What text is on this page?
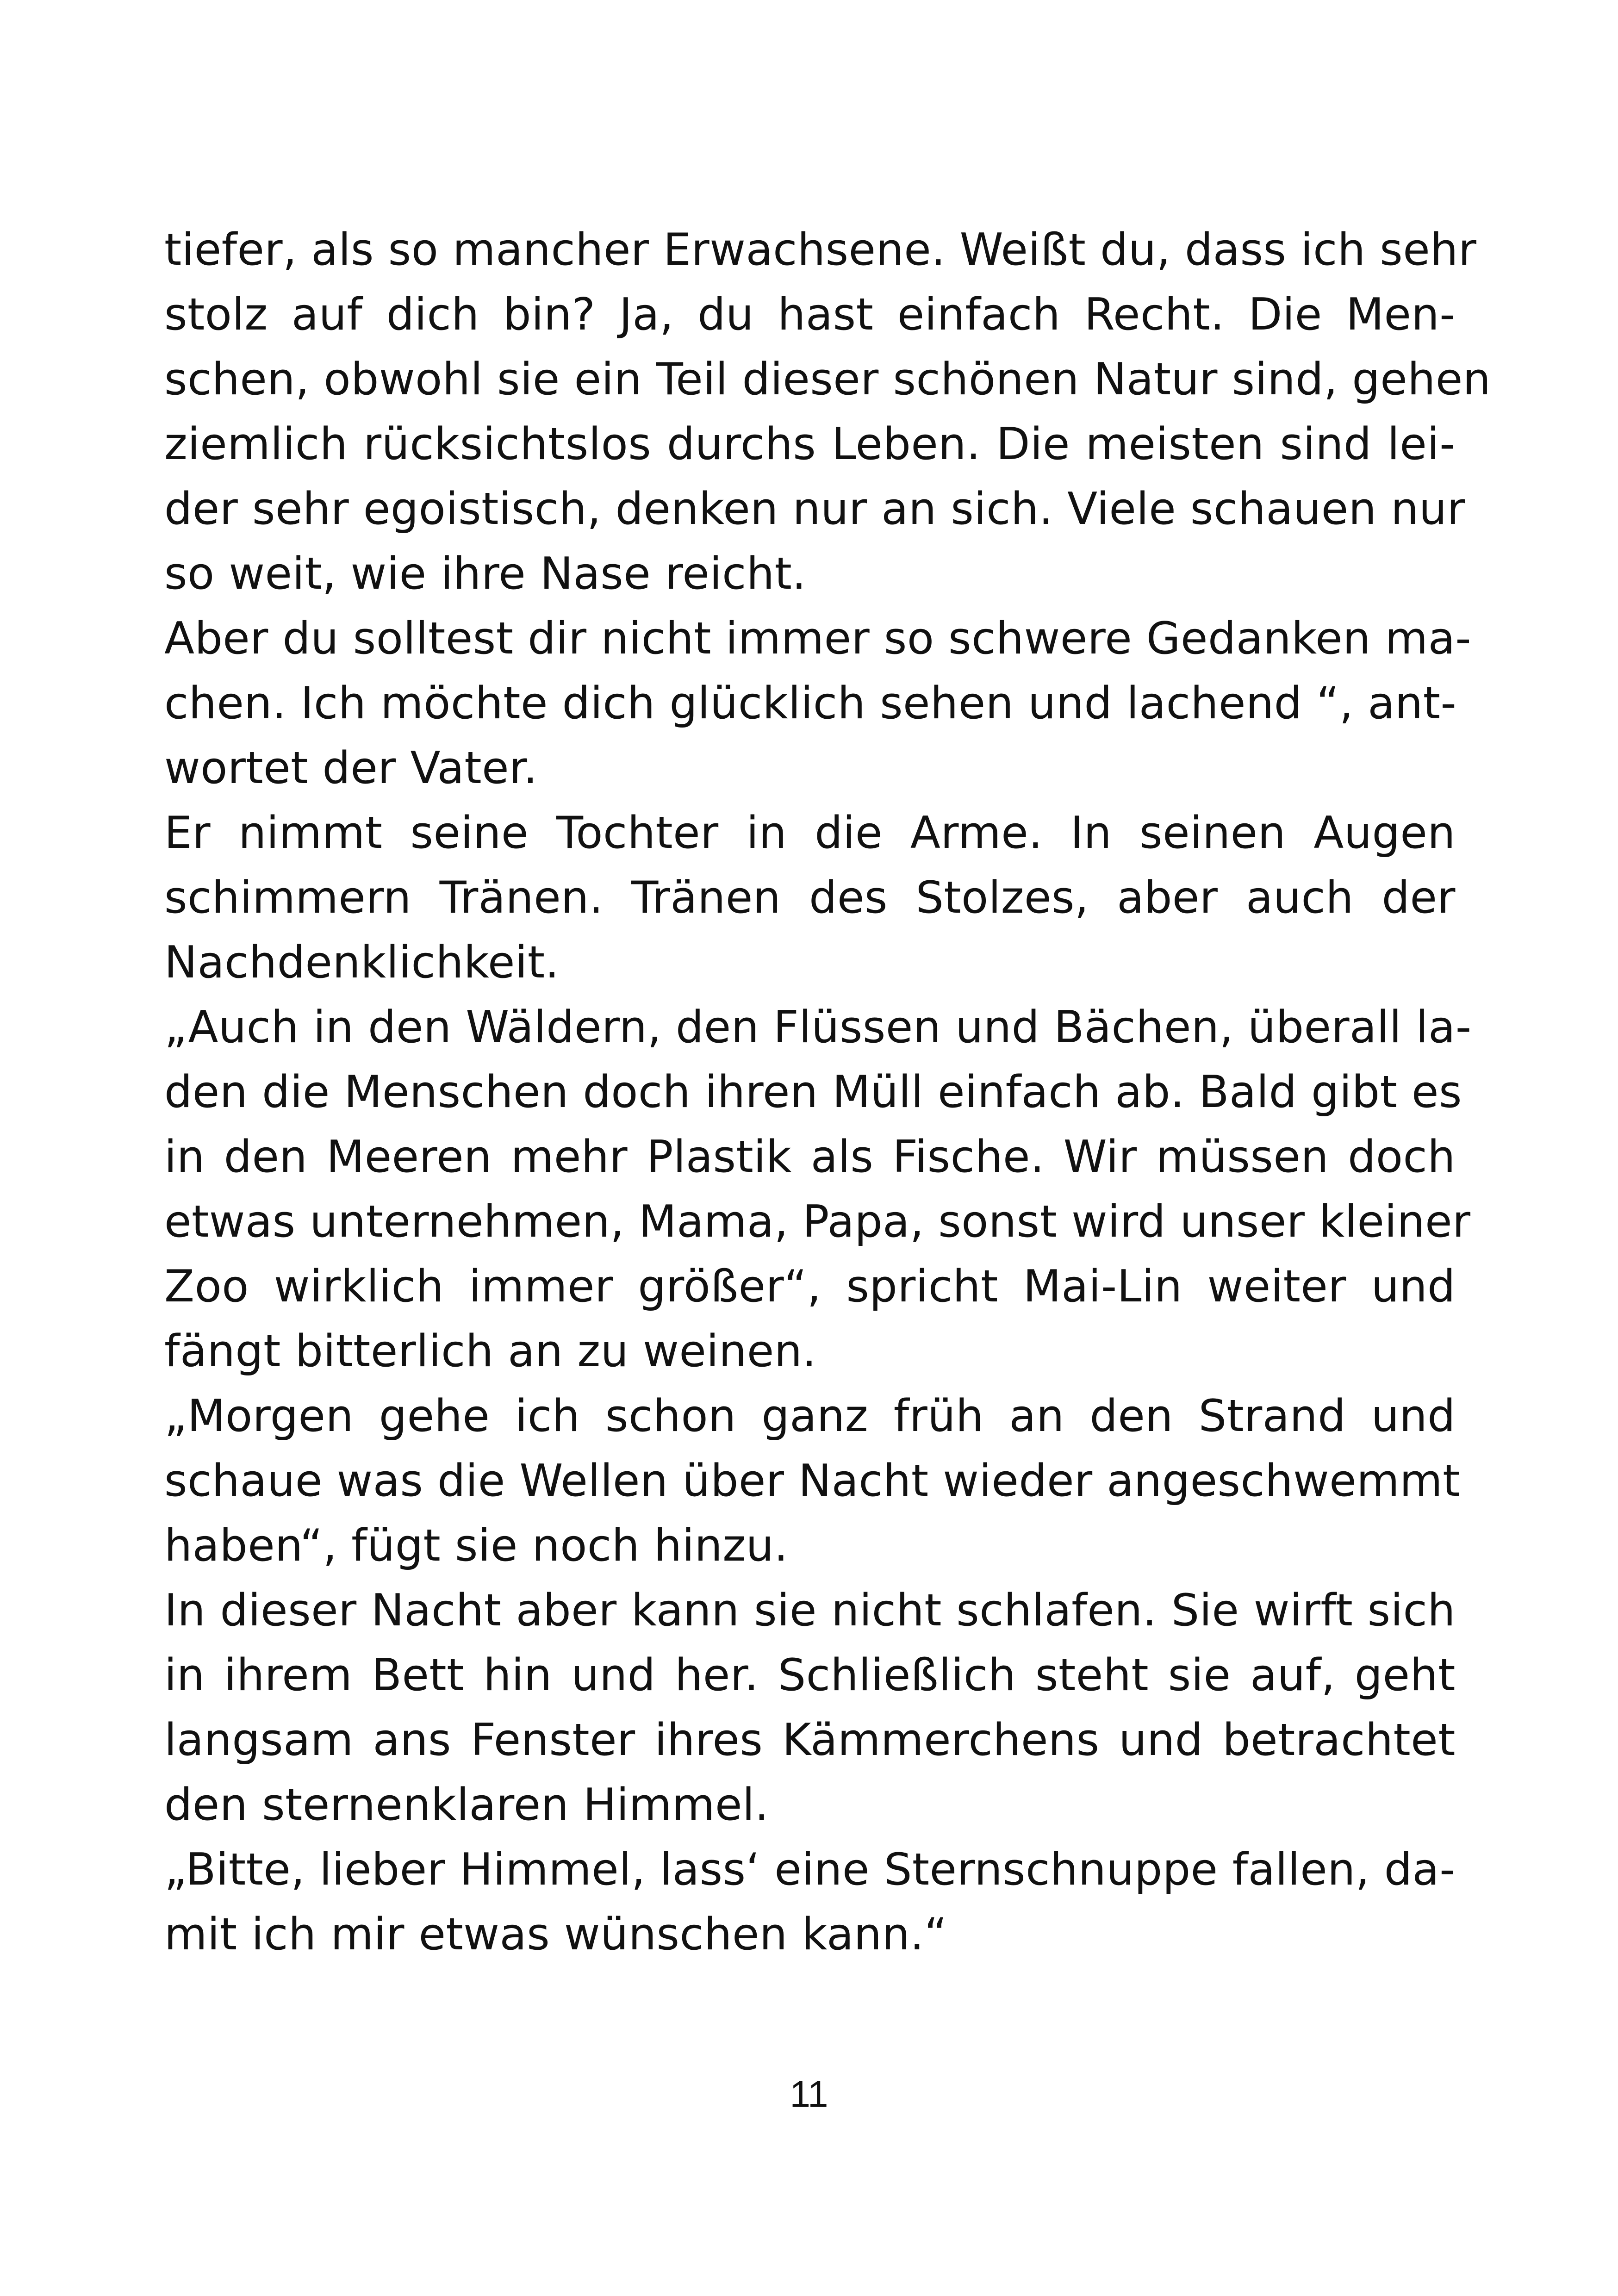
tiefer, als so mancher Erwachsene. Weißt du, dass ich sehr
stolz auf dich bin? Ja, du hast einfach Recht. Die Men-
schen, obwohl sie ein Teil dieser schönen Natur sind, gehen
ziemlich rücksichtslos durchs Leben. Die meisten sind lei-
der sehr egoistisch, denken nur an sich. Viele schauen nur
so weit, wie ihre Nase reicht.
Aber du solltest dir nicht immer so schwere Gedanken ma-
chen. Ich möchte dich glücklich sehen und lachend “, ant-
wortet der Vater.
Er nimmt seine Tochter in die Arme. In seinen Augen
schimmern Tränen. Tränen des Stolzes, aber auch der
Nachdenklichkeit.
„Auch in den Wäldern, den Flüssen und Bächen, überall la-
den die Menschen doch ihren Müll einfach ab. Bald gibt es
in den Meeren mehr Plastik als Fische. Wir müssen doch
etwas unternehmen, Mama, Papa, sonst wird unser kleiner
Zoo wirklich immer größer“, spricht Mai-Lin weiter und
fängt bitterlich an zu weinen.
„Morgen gehe ich schon ganz früh an den Strand und
schaue was die Wellen über Nacht wieder angeschwemmt
haben“, fügt sie noch hinzu.
In dieser Nacht aber kann sie nicht schlafen. Sie wirft sich
in ihrem Bett hin und her. Schließlich steht sie auf, geht
langsam ans Fenster ihres Kämmerchens und betrachtet
den sternenklaren Himmel.
„Bitte, lieber Himmel, lass‘ eine Sternschnuppe fallen, da-
mit ich mir etwas wünschen kann.“
11
